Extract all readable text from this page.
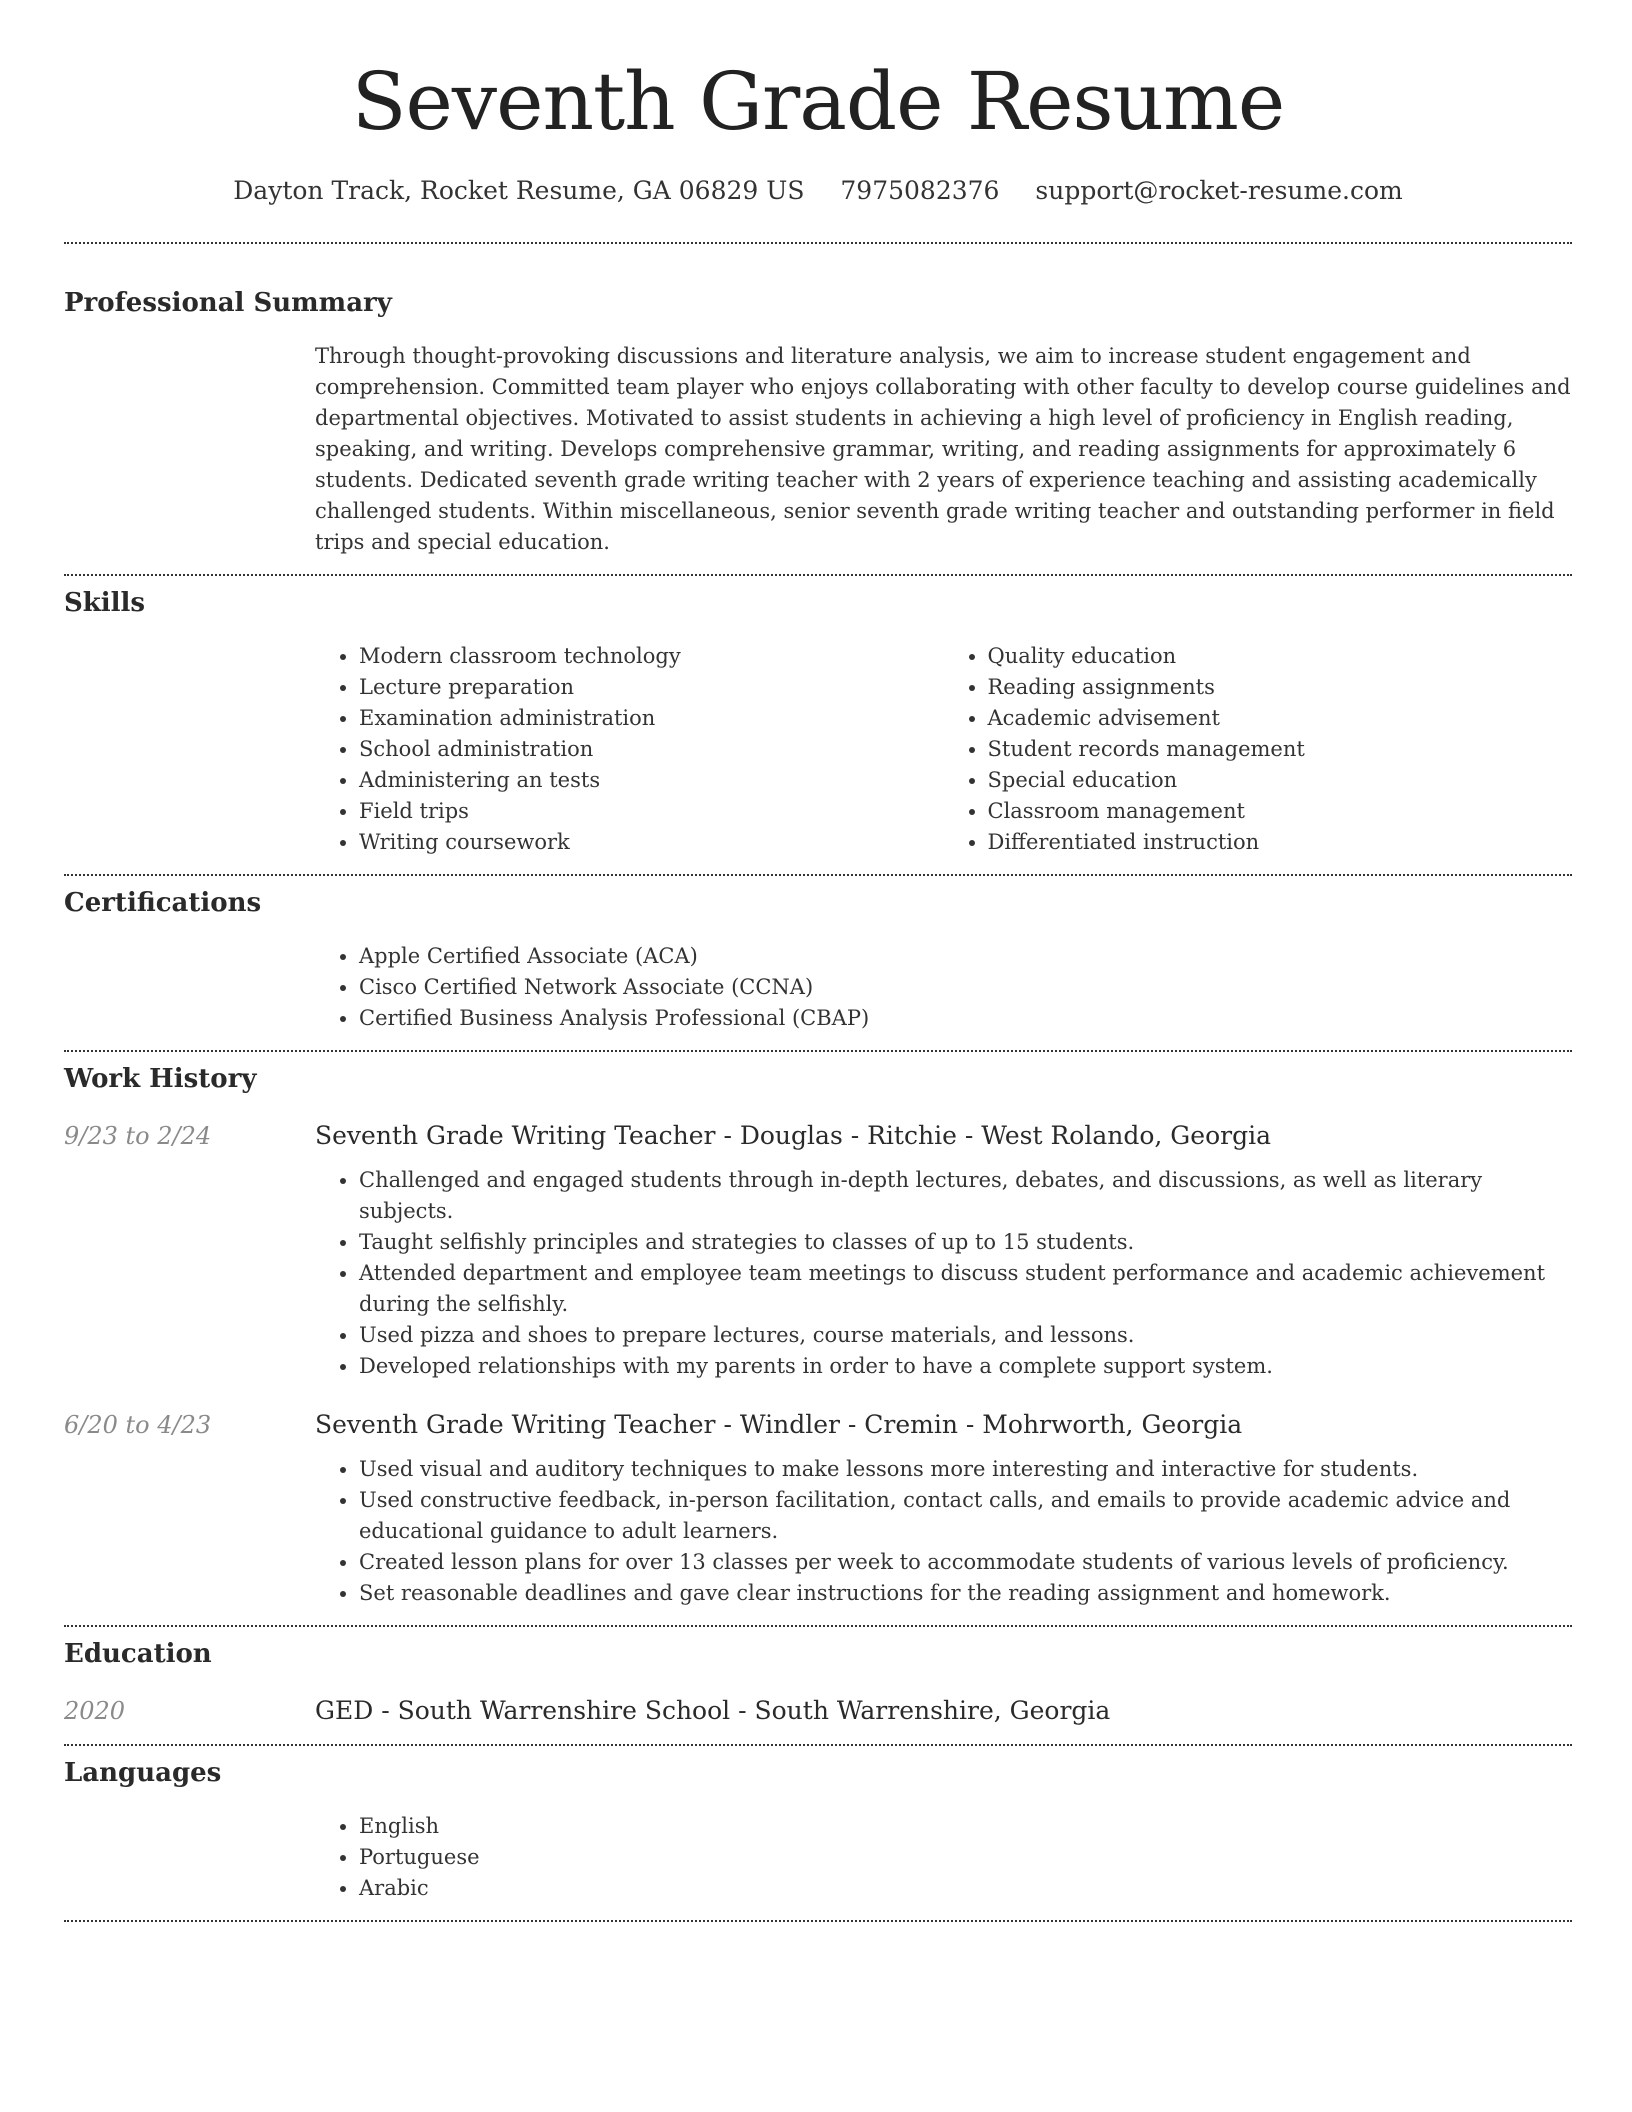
Seventh Grade Resume
Dayton Track, Rocket Resume, GA 06829 US 7975082376 support@rocket-resume.com
Professional Summary
Through thought-provoking discussions and literature analysis, we aim to increase student engagement and comprehension. Committed team player who enjoys collaborating with other faculty to develop course guidelines and departmental objectives. Motivated to assist students in achieving a high level of proficiency in English reading, speaking, and writing. Develops comprehensive grammar, writing, and reading assignments for approximately 6 students. Dedicated seventh grade writing teacher with 2 years of experience teaching and assisting academically challenged students. Within miscellaneous, senior seventh grade writing teacher and outstanding performer in field trips and special education.
Skills
• Modern classroom technology
• Lecture preparation
• Examination administration
• School administration
• Administering an tests
• Field trips
• Writing coursework
• Quality education
• Reading assignments
• Academic advisement
• Student records management
• Special education
• Classroom management
• Differentiated instruction
Certifications
• Apple Certified Associate (ACA)
• Cisco Certified Network Associate (CCNA)
• Certified Business Analysis Professional (CBAP)
Work History
9/23 to 2/24	Seventh Grade Writing Teacher - Douglas - Ritchie - West Rolando, Georgia
• Challenged and engaged students through in-depth lectures, debates, and discussions, as well as literary subjects.
• Taught selfishly principles and strategies to classes of up to 15 students.
• Attended department and employee team meetings to discuss student performance and academic achievement during the selfishly.
• Used pizza and shoes to prepare lectures, course materials, and lessons.
• Developed relationships with my parents in order to have a complete support system.
6/20 to 4/23	Seventh Grade Writing Teacher - Windler - Cremin - Mohrworth, Georgia
• Used visual and auditory techniques to make lessons more interesting and interactive for students.
• Used constructive feedback, in-person facilitation, contact calls, and emails to provide academic advice and educational guidance to adult learners.
• Created lesson plans for over 13 classes per week to accommodate students of various levels of proficiency.
• Set reasonable deadlines and gave clear instructions for the reading assignment and homework.
Education
2020	GED - South Warrenshire School - South Warrenshire, Georgia
Languages
• English
• Portuguese
• Arabic
